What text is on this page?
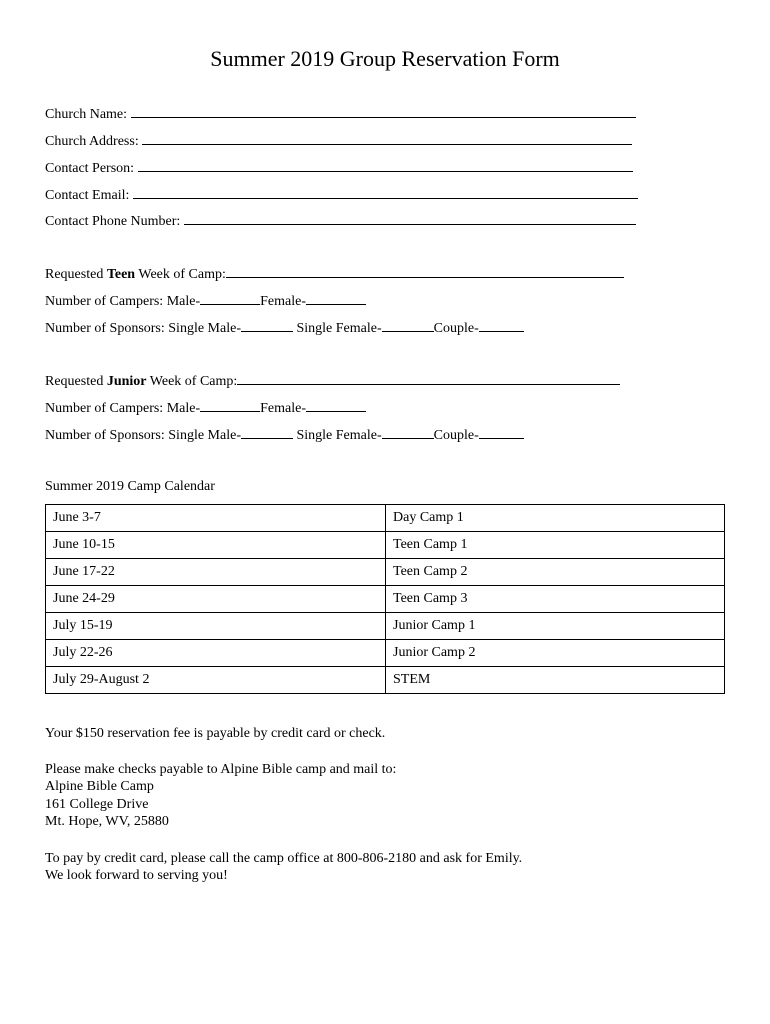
Summer 2019 Group Reservation Form
Church Name:
Church Address:
Contact Person:
Contact Email:
Contact Phone Number:
Requested Teen Week of Camp:
Number of Campers: Male-	Female-
Number of Sponsors: Single Male-	Single Female-	Couple-
Requested Junior Week of Camp:
Number of Campers: Male-	Female-
Number of Sponsors: Single Male-	Single Female-	Couple-
Summer 2019 Camp Calendar
June 3-7	Day Camp 1
June 10-15	Teen Camp 1
June 17-22	Teen Camp 2
June 24-29	Teen Camp 3
July 15-19	Junior Camp 1
July 22-26	Junior Camp 2
July 29-August 2	STEM
Your $150 reservation fee is payable by credit card or check.
Please make checks payable to Alpine Bible camp and mail to:
Alpine Bible Camp
161 College Drive
Mt. Hope, WV, 25880
To pay by credit card, please call the camp office at 800-806-2180 and ask for Emily.
We look forward to serving you!
